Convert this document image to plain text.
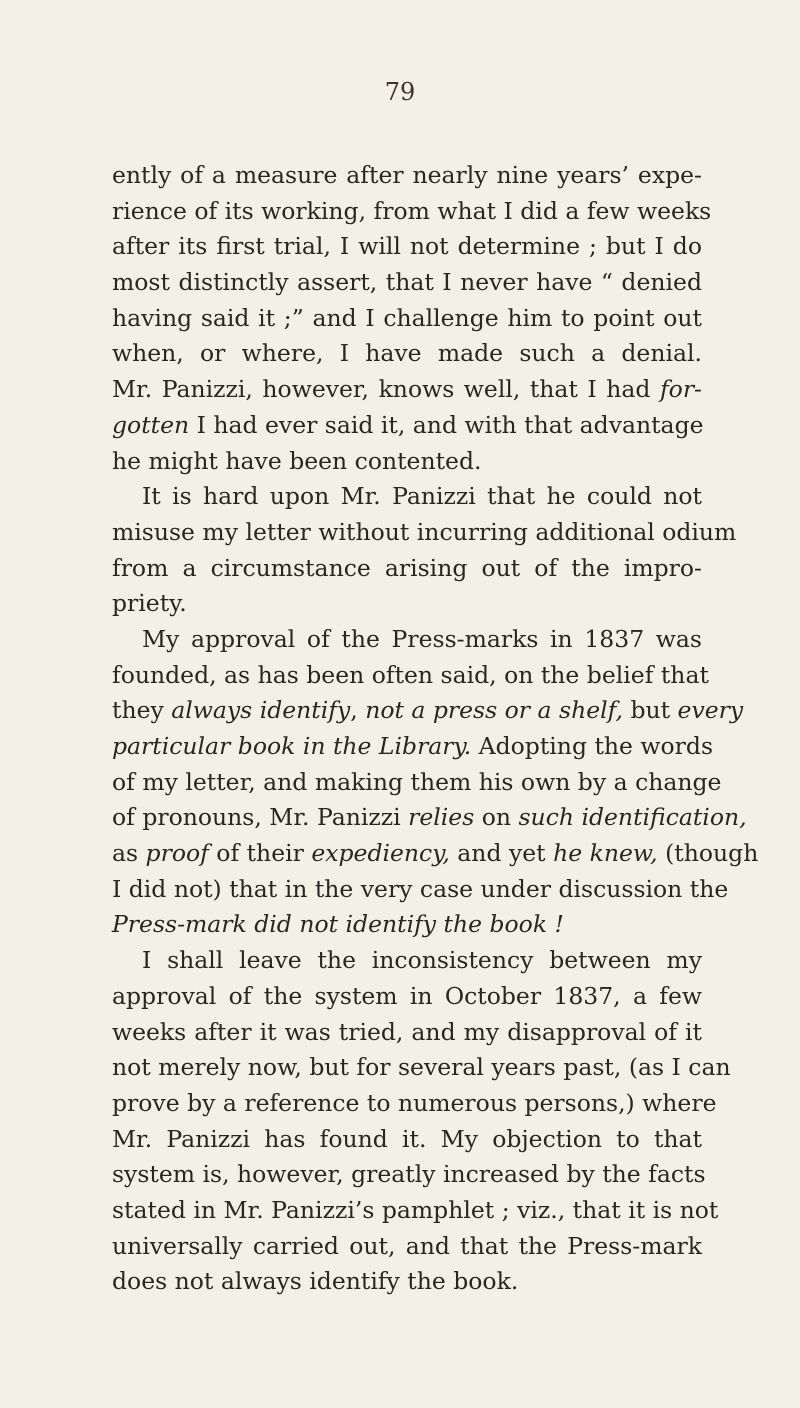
79
ently of a measure after nearly nine years’ expe-
rience of its working, from what I did a few weeks
after its first trial, I will not determine ; but I do
most distinctly assert, that I never have “ denied
having said it ;” and I challenge him to point out
when, or where, I have made such a denial.
Mr. Panizzi, however, knows well, that I had for-
gotten I had ever said it, and with that advantage
he might have been contented.
It is hard upon Mr. Panizzi that he could not
misuse my letter without incurring additional odium
from a circumstance arising out of the impro-
priety.
My approval of the Press-marks in 1837 was
founded, as has been often said, on the belief that
they always identify, not a press or a shelf, but every
particular book in the Library. Adopting the words
of my letter, and making them his own by a change
of pronouns, Mr. Panizzi relies on such identification,
as proof of their expediency, and yet he knew, (though
I did not) that in the very case under discussion the
Press-mark did not identify the book !
I shall leave the inconsistency between my
approval of the system in October 1837, a few
weeks after it was tried, and my disapproval of it
not merely now, but for several years past, (as I can
prove by a reference to numerous persons,) where
Mr. Panizzi has found it. My objection to that
system is, however, greatly increased by the facts
stated in Mr. Panizzi’s pamphlet ; viz., that it is not
universally carried out, and that the Press-mark
does not always identify the book.
